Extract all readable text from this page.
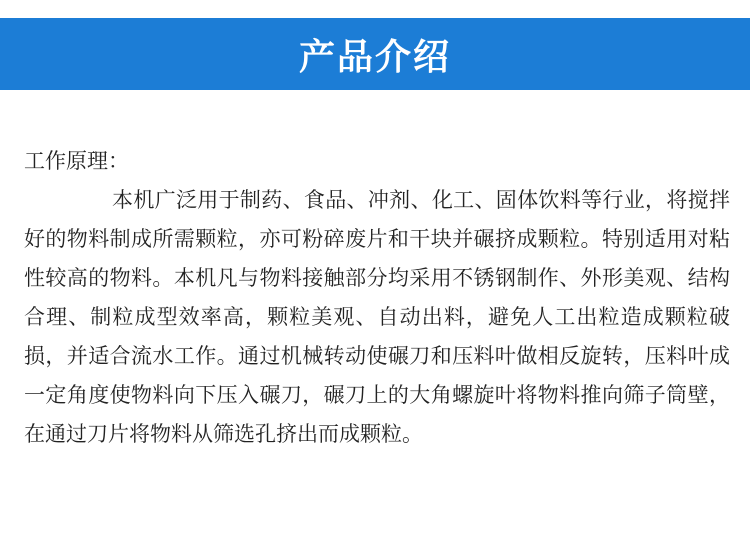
产品介绍
工作原理：

本机广泛用于制药、食品、冲剂、化工、固体饮料等行业，将搅拌好的物料制成所需颗粒，亦可粉碎废片和干块并碾挤成颗粒。特别适用对粘性较高的物料。本机凡与物料接触部分均采用不锈钢制作、外形美观、结构合理、制粒成型效率高，颗粒美观、自动出料，避免人工出粒造成颗粒破损，并适合流水工作。通过机械转动使碾刀和压料叶做相反旋转，压料叶成一定角度使物料向下压入碾刀，碾刀上的大角螺旋叶将物料推向筛子筒壁，在通过刀片将物料从筛选孔挤出而成颗粒。
